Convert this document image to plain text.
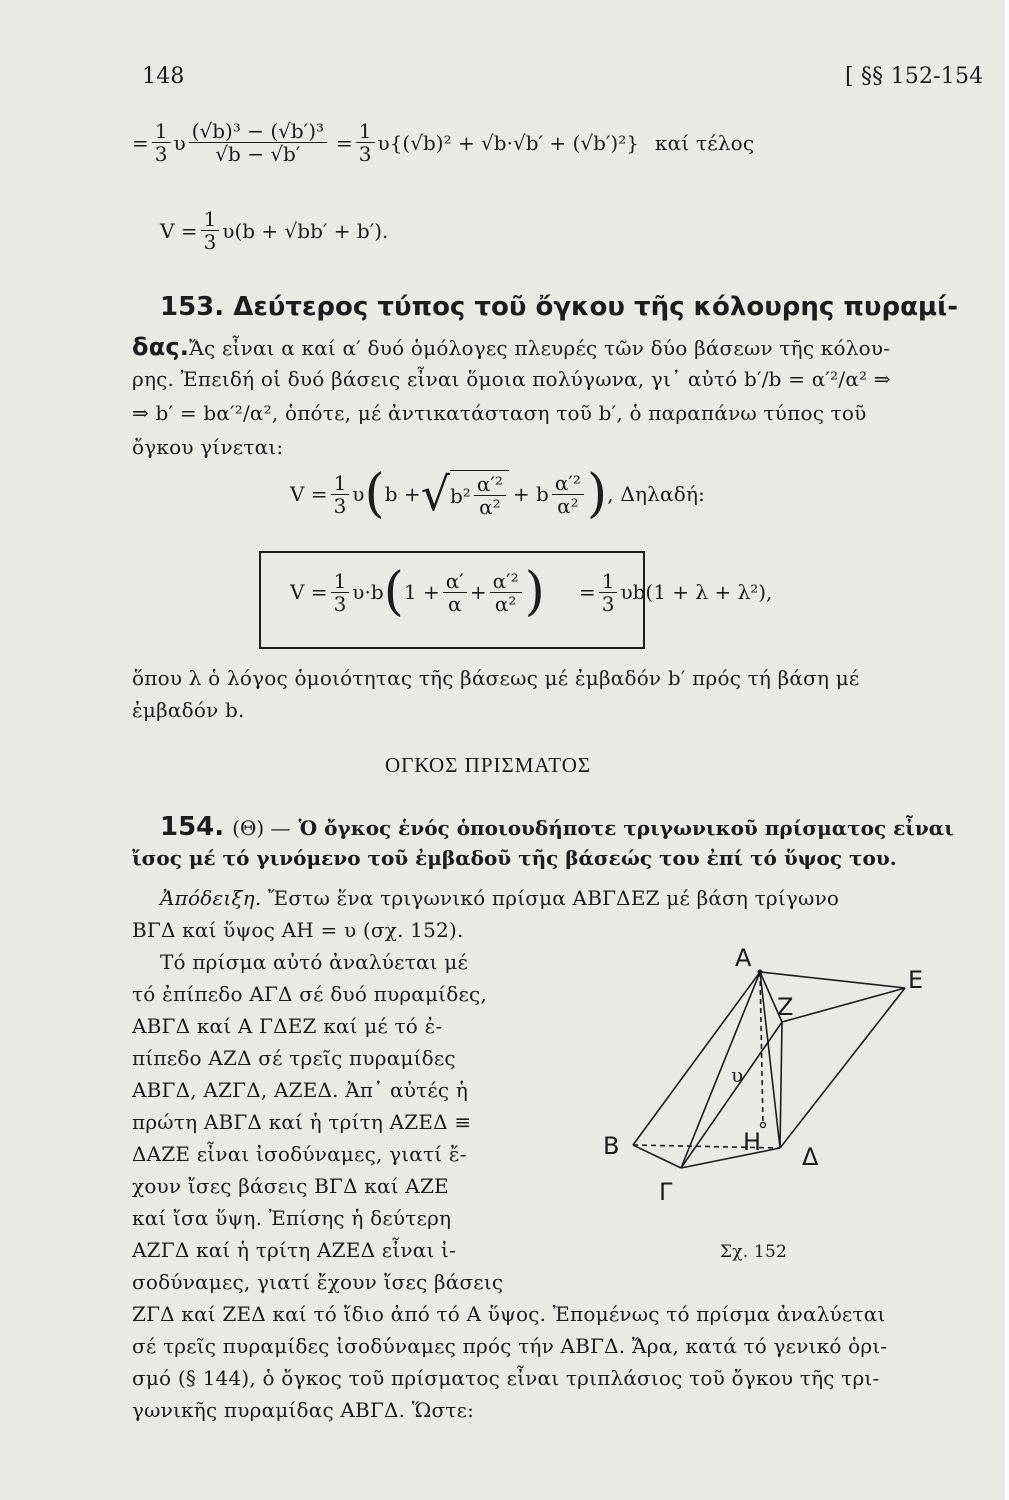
148	[ §§ 152-154
= $\frac{1}{3}$ υ $\frac{\text{(√b)³ − (√b′)³}}{√b - √b'} = \frac{1}{3} \upsilon\{(√b)^2 + √b\cdot√b' + (√b')^2\}$ καί τέλος
$V = \frac{1}{3} \upsilon(b + √bb' + b')$.
153. Δεύτερος τύπος τοῦ ὄγκου τῆς κόλουρης πυραμί-
δας.Ἄς εἶναι α καί α′ δυό ὁμόλογες πλευρές τῶν δύο βάσεων τῆς κόλου-
ρης. Ἐπειδή οἱ δυό βάσεις εἶναι ὅμοια πολύγωνα, γι᾽ αὐτό b′/b = α′²/α² ⇒
⇒ b′ = bα′²/α², ὁπότε, μέ ἀντικατάσταση τοῦ b′, ὁ παραπάνω τύπος τοῦ
ὄγκου γίνεται:
$V = \frac{1}{3}$ υ ( b + √ $b^2 \frac{\text{α′²}}{\text{α²}} + b \frac{\text{α′²}}{\text{α²}}$ ) , Δηλαδή:
$V = \frac{1}{3} \upsilon\cdot b$ ( $1 + \frac{\alpha'}{\alpha} + \frac{\text{α′²}}{\text{α²}}$ ) = $\frac{1}{3} \upsilon b(1 + \lambda + \lambda^2)$,
ὅπου λ ὁ λόγος ὁμοιότητας τῆς βάσεως μέ ἐμβαδόν b′ πρός τή βάση μέ
ἐμβαδόν b.
ΟΓΚΟΣ ΠΡΙΣΜΑΤΟΣ
154. (Θ) — Ὁ ὄγκος ἑνός ὁποιουδήποτε τριγωνικοῦ πρίσματος εἶναι
ἴσος μέ τό γινόμενο τοῦ ἐμβαδοῦ τῆς βάσεώς του ἐπί τό ὕψος του.
Ἀπόδειξη. Ἔστω ἕνα τριγωνικό πρίσμα ΑΒΓΔΕΖ μέ βάση τρίγωνο
ΒΓΔ καί ὕψος ΑΗ = υ (σχ. 152).
Τό πρίσμα αὐτό ἀναλύεται μέ
τό ἐπίπεδο ΑΓΔ σέ δυό πυραμίδες,
ΑΒΓΔ καί Α ΓΔΕΖ καί μέ τό ἐ-
πίπεδο ΑΖΔ σέ τρεῖς πυραμίδες
ΑΒΓΔ, ΑΖΓΔ, ΑΖΕΔ. Ἀπ᾽ αὐτές ἡ
πρώτη ΑΒΓΔ καί ἡ τρίτη ΑΖΕΔ ≡
ΔΑΖΕ εἶναι ἰσοδύναμες, γιατί ἔ-
χουν ἴσες βάσεις ΒΓΔ καί ΑΖΕ
καί ἴσα ὕψη. Ἐπίσης ἡ δεύτερη
ΑΖΓΔ καί ἡ τρίτη ΑΖΕΔ εἶναι ἰ-
σοδύναμες, γιατί ἔχουν ἴσες βάσεις
ΖΓΔ καί ΖΕΔ καί τό ἴδιο ἀπό τό Α ὕψος. Ἐπομένως τό πρίσμα ἀναλύεται
σέ τρεῖς πυραμίδες ἰσοδύναμες πρός τήν ΑΒΓΔ. Ἄρα, κατά τό γενικό ὁρι-
σμό (§ 144), ὁ ὄγκος τοῦ πρίσματος εἶναι τριπλάσιος τοῦ ὄγκου τῆς τρι-
γωνικῆς πυραμίδας ΑΒΓΔ. Ὥστε:
A
E
Z
B	Δ
Γ
H
υ
Σχ. 152
